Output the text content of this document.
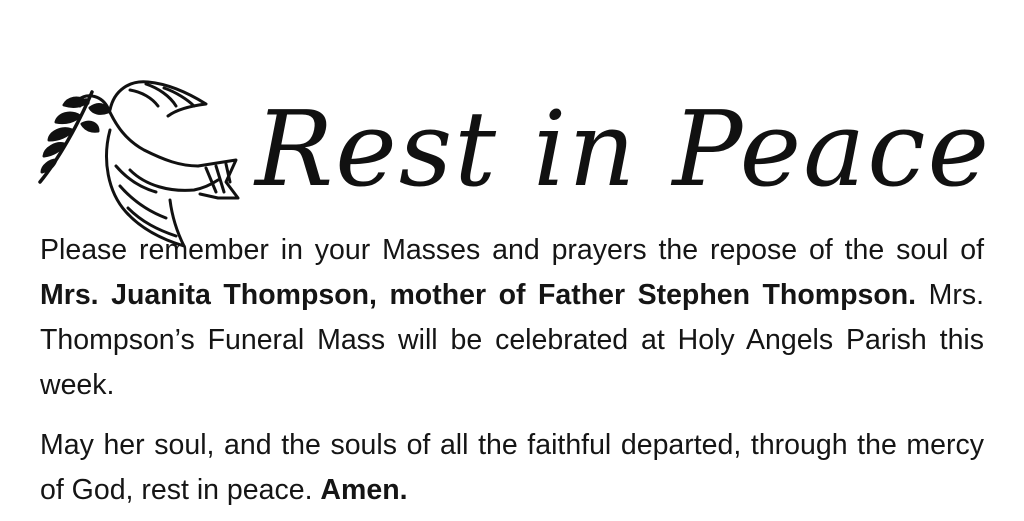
Rest in Peace

Please remember in your Masses and prayers the repose of the soul of Mrs. Juanita Thompson, mother of Father Stephen Thompson. Mrs. Thompson’s Funeral Mass will be celebrated at Holy Angels Parish this week.

May her soul, and the souls of all the faithful departed, through the mercy of God, rest in peace. Amen.
